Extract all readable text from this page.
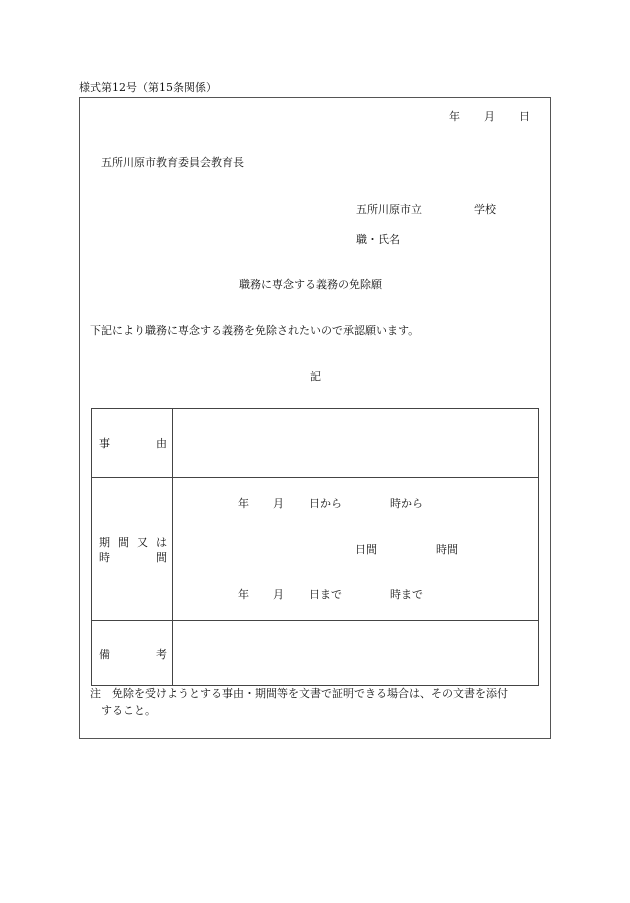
様式第12号（第15条関係）
年 月 日
五所川原市教育委員会教育長
五所川原市立	学校
職・氏名
職務に専念する義務の免除願
下記により職務に専念する義務を免除されたいので承認願います。
記
事	由
期 間 又 は
時	間
年 月 日から	時から
日間	時間
年 月 日まで	時まで
備	考
注　免除を受けようとする事由・期間等を文書で証明できる場合は、その文書を添付
すること。
